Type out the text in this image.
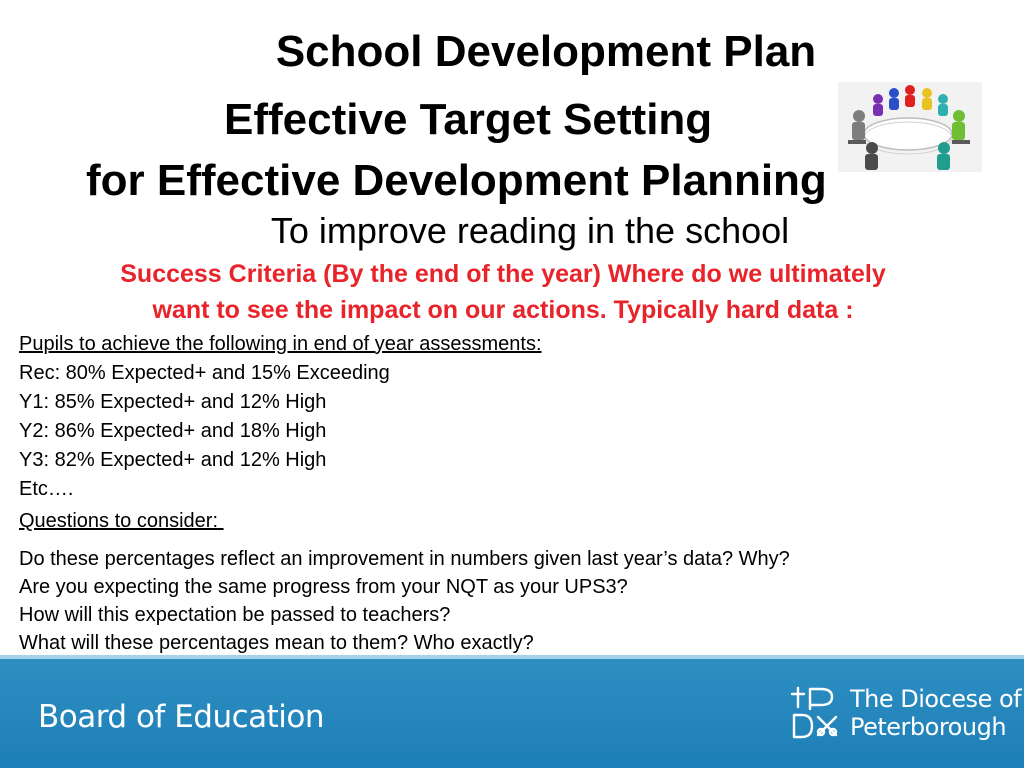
School Development Plan
Effective Target Setting
for Effective Development Planning
To improve reading in the school
Success Criteria (By the end of the year) Where do we ultimately
want to see the impact on our actions. Typically hard data :
Pupils to achieve the following in end of year assessments:
Rec: 80% Expected+ and 15% Exceeding
Y1: 85% Expected+ and 12% High
Y2: 86% Expected+ and 18% High
Y3: 82% Expected+ and 12% High
Etc….
Questions to consider:
Do these percentages reflect an improvement in numbers given last year’s data? Why?
Are you expecting the same progress from your NQT as your UPS3?
How will this expectation be passed to teachers?
What will these percentages mean to them? Who exactly?
Board of Education	The Diocese of
Peterborough
